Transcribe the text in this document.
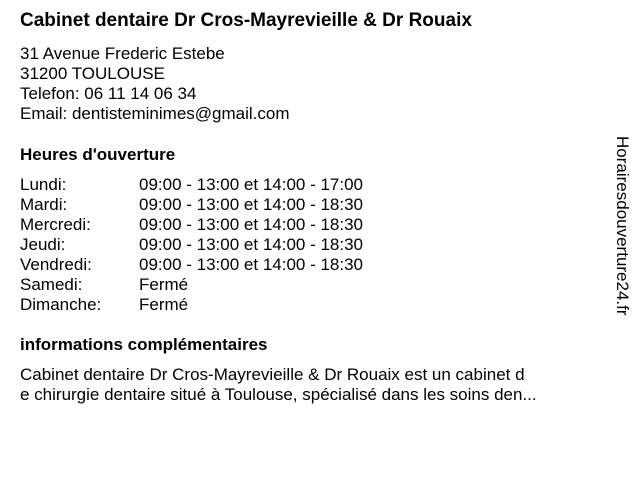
Cabinet dentaire Dr Cros-Mayrevieille & Dr Rouaix
31 Avenue Frederic Estebe
31200 TOULOUSE
Telefon: 06 11 14 06 34
Email: dentisteminimes@gmail.com
Heures d'ouverture
Lundi:	09:00 - 13:00 et 14:00 - 17:00
Mardi:	09:00 - 13:00 et 14:00 - 18:30
Mercredi:	09:00 - 13:00 et 14:00 - 18:30
Jeudi:	09:00 - 13:00 et 14:00 - 18:30
Vendredi:	09:00 - 13:00 et 14:00 - 18:30
Samedi:	Fermé
Dimanche: Fermé
informations complémentaires
Cabinet dentaire Dr Cros-Mayrevieille & Dr Rouaix est un cabinet d
e chirurgie dentaire situé à Toulouse, spécialisé dans les soins den...
Horairesdouverture24.fr
